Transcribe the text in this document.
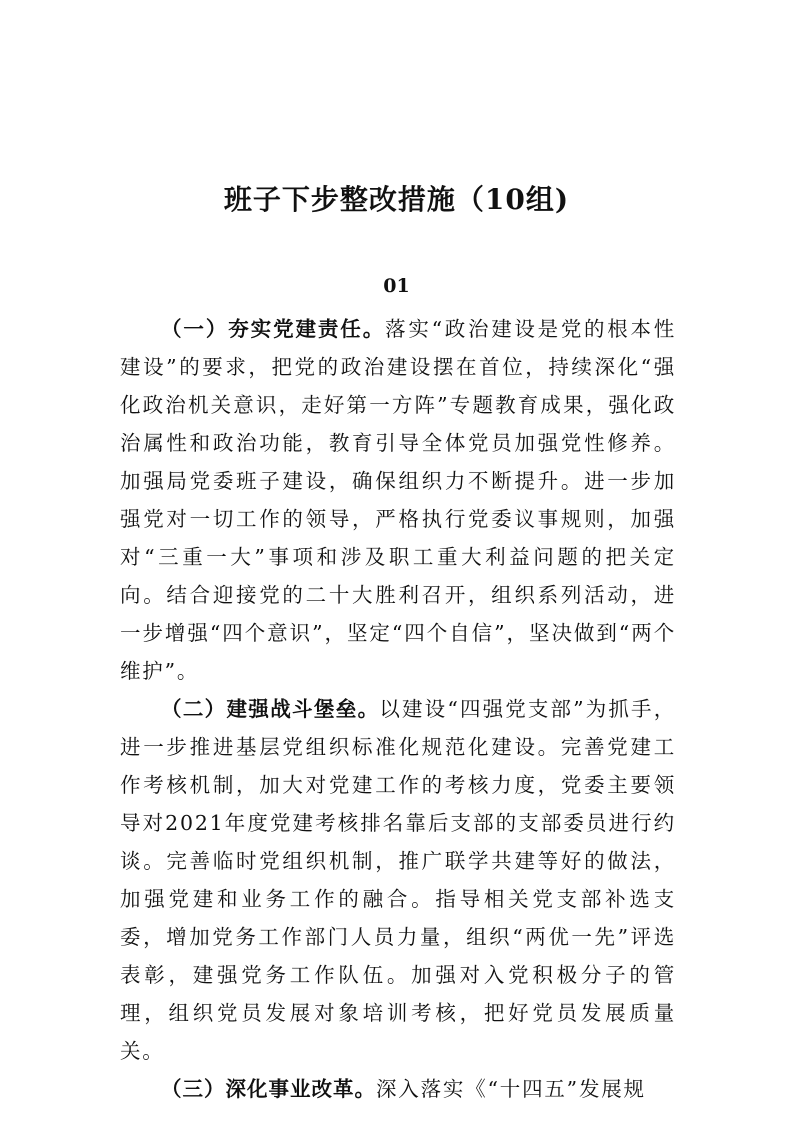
班子下步整改措施（10组)
01

（一）夯实党建责任。落实“政治建设是党的根本性建设”的要求，把党的政治建设摆在首位，持续深化“强化政治机关意识，走好第一方阵”专题教育成果，强化政治属性和政治功能，教育引导全体党员加强党性修养。加强局党委班子建设，确保组织力不断提升。进一步加强党对一切工作的领导，严格执行党委议事规则，加强对“三重一大”事项和涉及职工重大利益问题的把关定向。结合迎接党的二十大胜利召开，组织系列活动，进一步增强“四个意识”，坚定“四个自信”，坚决做到“两个维护”。

（二）建强战斗堡垒。以建设“四强党支部”为抓手，进一步推进基层党组织标准化规范化建设。完善党建工作考核机制，加大对党建工作的考核力度，党委主要领导对2021年度党建考核排名靠后支部的支部委员进行约谈。完善临时党组织机制，推广联学共建等好的做法，加强党建和业务工作的融合。指导相关党支部补选支委，增加党务工作部门人员力量，组织“两优一先”评选表彰，建强党务工作队伍。加强对入党积极分子的管理，组织党员发展对象培训考核，把好党员发展质量关。

（三）深化事业改革。深入落实《“十四五”发展规
